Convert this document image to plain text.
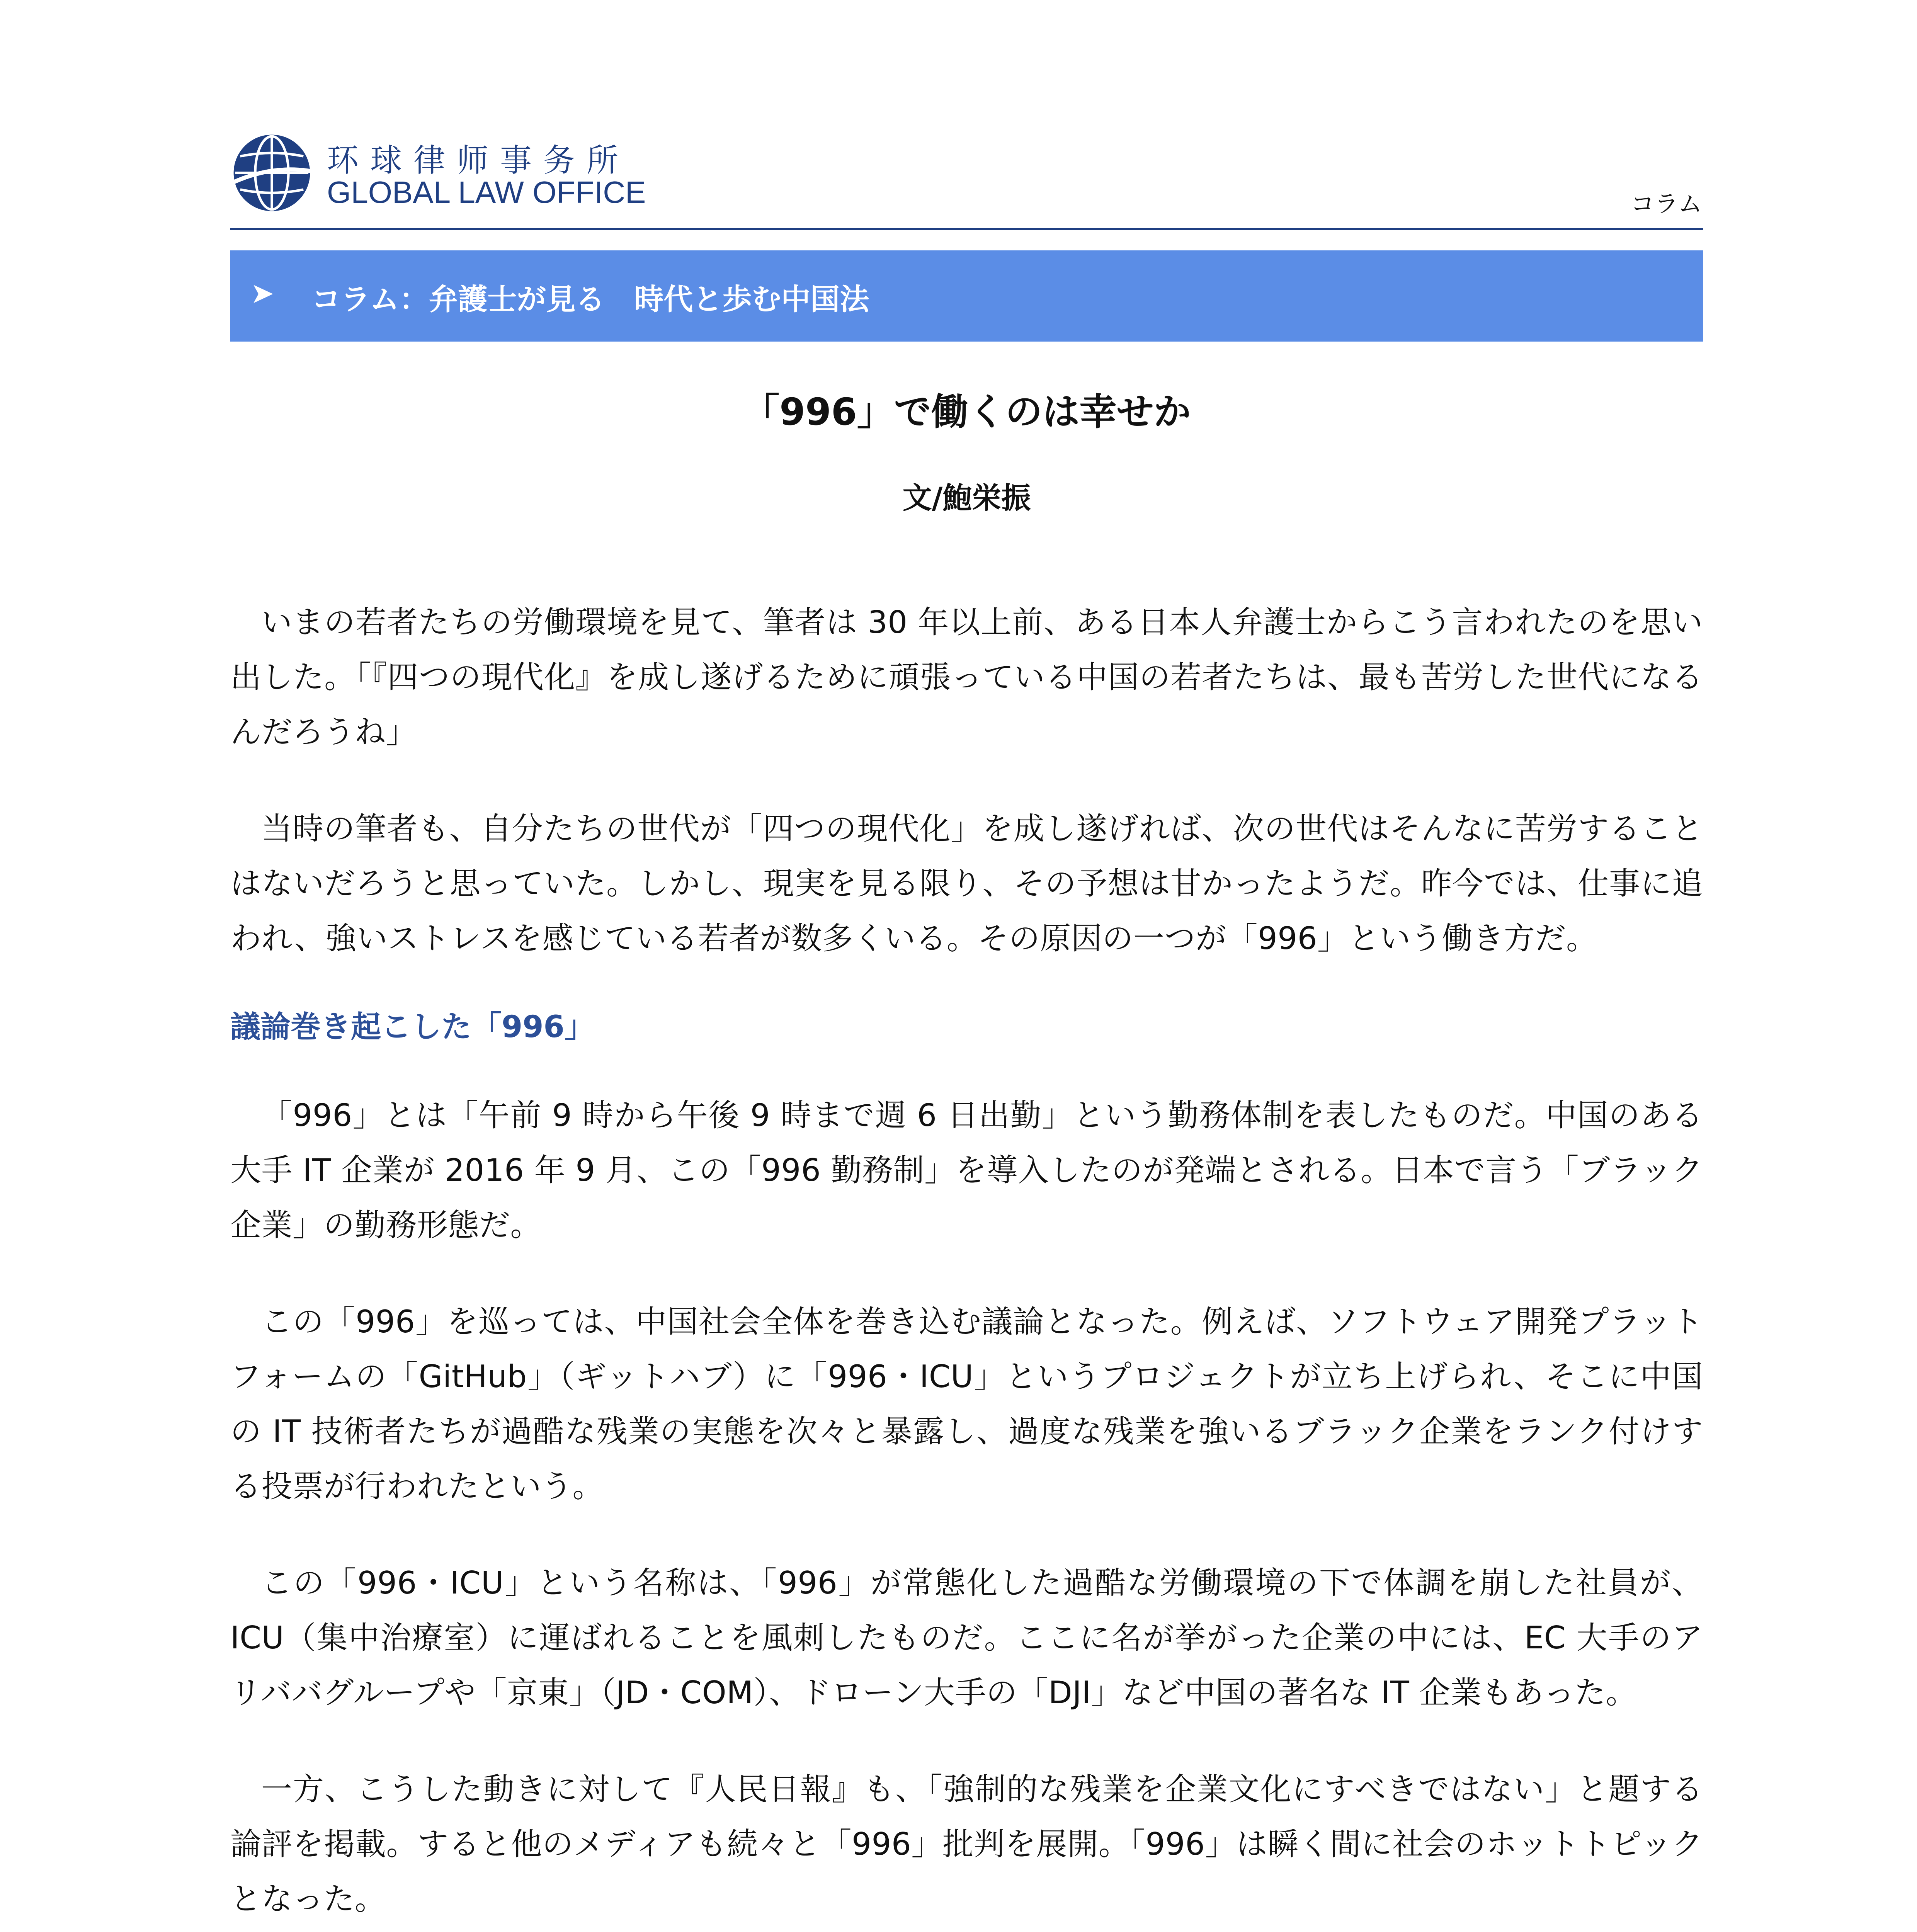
环球律师事务所
GLOBAL LAW OFFICE	コラム
➤ コラム：弁護士が見る　時代と歩む中国法
「996」で働くのは幸せか
文/鮑栄振

いまの若者たちの労働環境を見て、筆者は 30 年以上前、ある日本人弁護士からこう言われたのを思い出した。「『四つの現代化』を成し遂げるために頑張っている中国の若者たちは、最も苦労した世代になるんだろうね」

当時の筆者も、自分たちの世代が「四つの現代化」を成し遂げれば、次の世代はそんなに苦労することはないだろうと思っていた。しかし、現実を見る限り、その予想は甘かったようだ。昨今では、仕事に追われ、強いストレスを感じている若者が数多くいる。その原因の一つが「996」という働き方だ。

議論巻き起こした「996」

「996」とは「午前 9 時から午後 9 時まで週 6 日出勤」という勤務体制を表したものだ。中国のある大手 IT 企業が 2016 年 9 月、この「996 勤務制」を導入したのが発端とされる。日本で言う「ブラック企業」の勤務形態だ。

この「996」を巡っては、中国社会全体を巻き込む議論となった。例えば、ソフトウェア開発プラットフォームの「GitHub」（ギットハブ）に「996・ICU」というプロジェクトが立ち上げられ、そこに中国の IT 技術者たちが過酷な残業の実態を次々と暴露し、過度な残業を強いるブラック企業をランク付けする投票が行われたという。

この「996・ICU」という名称は、「996」が常態化した過酷な労働環境の下で体調を崩した社員が、ICU（集中治療室）に運ばれることを風刺したものだ。ここに名が挙がった企業の中には、EC 大手のアリババグループや「京東」（JD・COM）、ドローン大手の「DJI」など中国の著名な IT 企業もあった。

一方、こうした動きに対して『人民日報』も、「強制的な残業を企業文化にすべきではない」と題する論評を掲載。すると他のメディアも続々と「996」批判を展開。「996」は瞬く間に社会のホットトピックとなった。
